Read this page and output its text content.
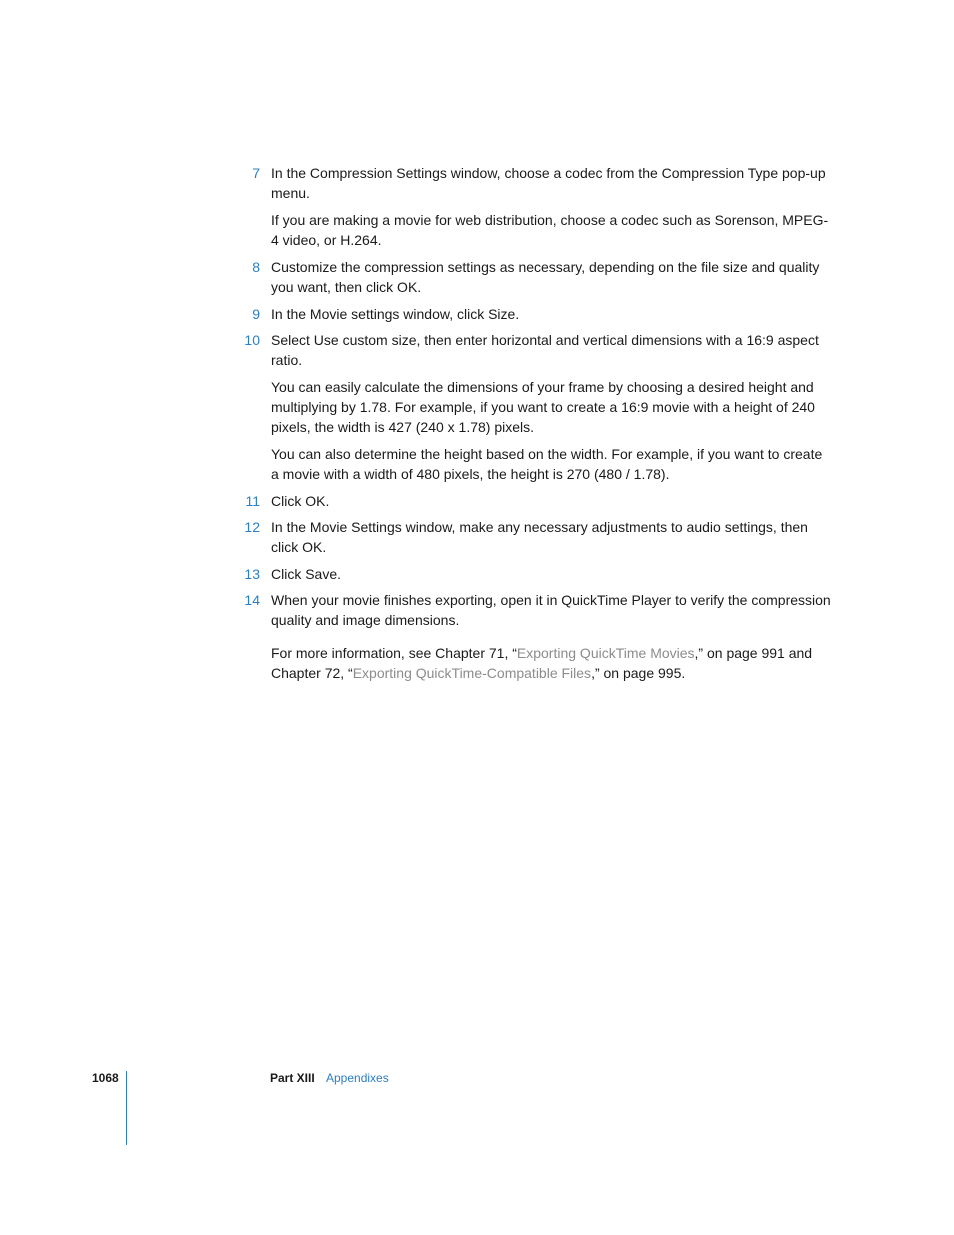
7 In the Compression Settings window, choose a codec from the Compression Type pop-up menu.
If you are making a movie for web distribution, choose a codec such as Sorenson, MPEG-4 video, or H.264.
8 Customize the compression settings as necessary, depending on the file size and quality you want, then click OK.
9 In the Movie settings window, click Size.
10 Select Use custom size, then enter horizontal and vertical dimensions with a 16:9 aspect ratio.
You can easily calculate the dimensions of your frame by choosing a desired height and multiplying by 1.78. For example, if you want to create a 16:9 movie with a height of 240 pixels, the width is 427 (240 x 1.78) pixels.
You can also determine the height based on the width. For example, if you want to create a movie with a width of 480 pixels, the height is 270 (480 / 1.78).
11 Click OK.
12 In the Movie Settings window, make any necessary adjustments to audio settings, then click OK.
13 Click Save.
14 When your movie finishes exporting, open it in QuickTime Player to verify the compression quality and image dimensions.
For more information, see Chapter 71, “Exporting QuickTime Movies,” on page 991 and Chapter 72, “Exporting QuickTime-Compatible Files,” on page 995.
1068	Part XIII Appendixes
